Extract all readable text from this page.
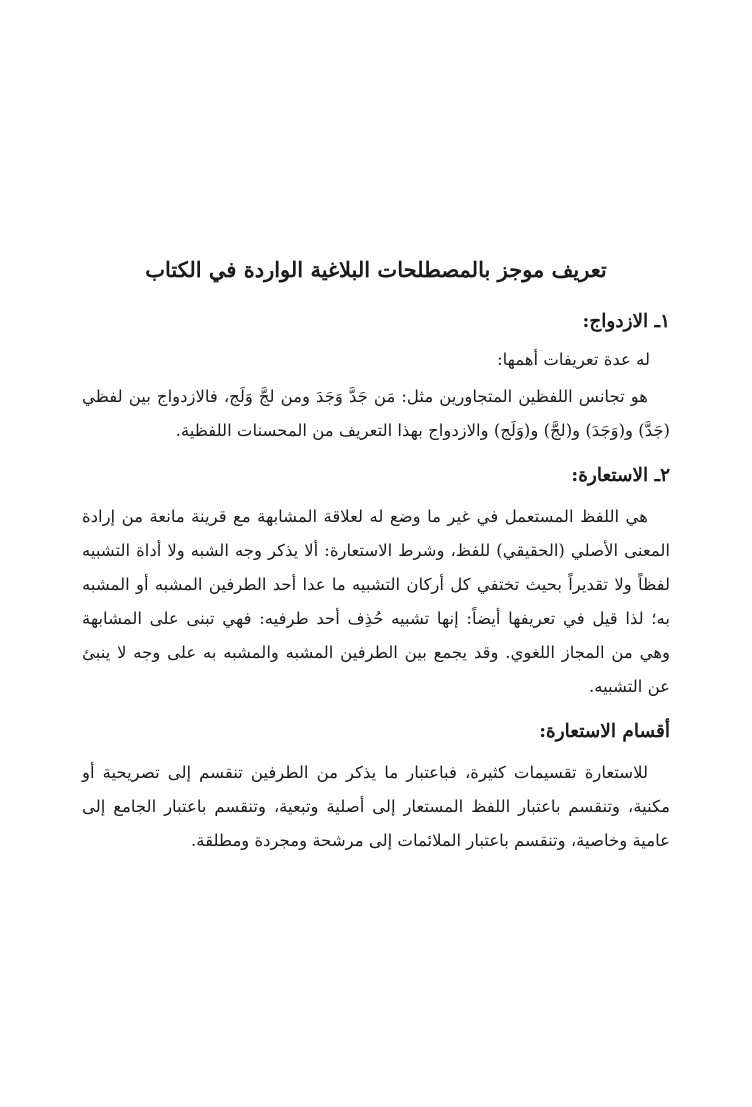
تعريف موجز بالمصطلحات البلاغية الواردة في الكتاب
١ـ الازدواج:
له عدة تعريفات أهمها:

هو تجانس اللفظين المتجاورين مثل: مَن جَدَّ وَجَدَ ومن لجَّ وَلَج، فالازدواج بين لفظي (جَدَّ) و(وَجَدَ) و(لجَّ) و(وَلَج) والازدواج بهذا التعريف من المحسنات اللفظية.

٢ـ الاستعارة:

هي اللفظ المستعمل في غير ما وضع له لعلاقة المشابهة مع قرينة مانعة من إرادة المعنى الأصلي (الحقيقي) للفظ، وشرط الاستعارة: ألا يذكر وجه الشبه ولا أداة التشبيه لفظاً ولا تقديراً بحيث تختفي كل أركان التشبيه ما عدا أحد الطرفين المشبه أو المشبه به؛ لذا قيل في تعريفها أيضاً: إنها تشبيه حُذِف أحد طرفيه: فهي تبنى على المشابهة وهي من المجاز اللغوي. وقد يجمع بين الطرفين المشبه والمشبه به على وجه لا ينبئ عن التشبيه.

أقسام الاستعارة:

للاستعارة تقسيمات كثيرة، فباعتبار ما يذكر من الطرفين تنقسم إلى تصريحية أو مكنية، وتنقسم باعتبار اللفظ المستعار إلى أصلية وتبعية، وتنقسم باعتبار الجامع إلى عامية وخاصية، وتنقسم باعتبار الملائمات إلى مرشحة ومجردة ومطلقة.
